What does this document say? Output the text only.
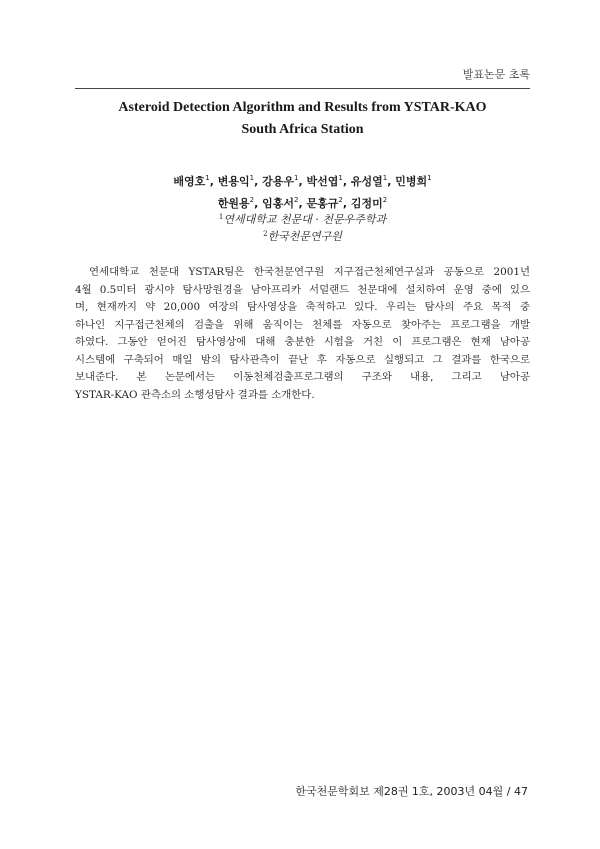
발표논문 초록
Asteroid Detection Algorithm and Results from YSTAR-KAO
South Africa Station
배영호$^1$, 변용익$^1$, 강용우$^1$, 박선엽$^1$, 유성열$^1$, 민병희$^1$
한원용$^2$, 임홍서$^2$, 문홍규$^2$, 김정미$^2$
$^1$연세대학교 천문대 · 천문우주학과
$^2$한국천문연구원
연세대학교 천문대 YSTAR팀은 한국천문연구원 지구접근천체연구실과 공동으로 2001년
4월 0.5미터 광시야 탐사망원경을 남아프리카 서덜랜드 천문대에 설치하여 운영 중에 있으
며, 현재까지 약 20,000 여장의 탐사영상을 축적하고 있다. 우리는 탐사의 주요 목적 중
하나인 지구접근천체의 검출을 위해 움직이는 천체를 자동으로 찾아주는 프로그램을 개발
하였다. 그동안 얻어진 탐사영상에 대해 충분한 시험을 거친 이 프로그램은 현재 남아공
시스템에 구축되어 매일 밤의 탐사관측이 끝난 후 자동으로 실행되고 그 결과를 한국으로
보내준다. 본 논문에서는 이동천체검출프로그램의 구조와 내용, 그리고 남아공
YSTAR-KAO 관측소의 소행성탐사 결과를 소개한다.
한국천문학회보 제28권 1호, 2003년 04월 / 47
